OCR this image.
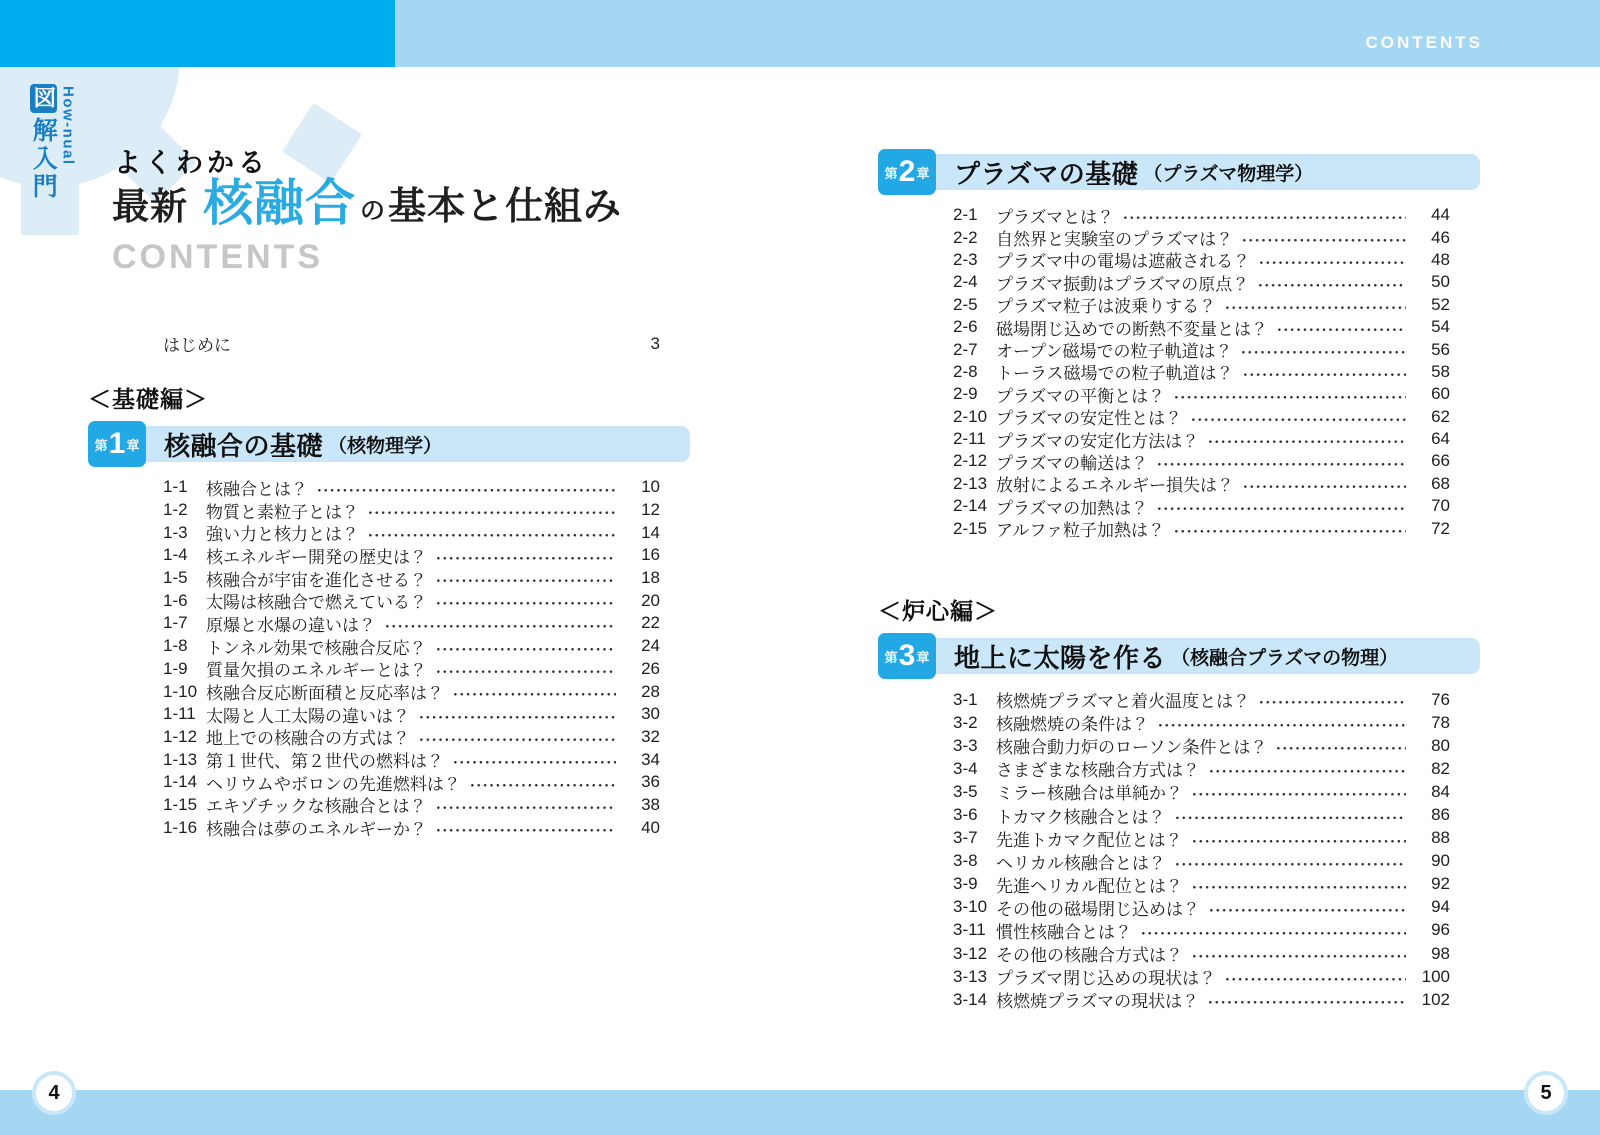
CONTENTS
図解入門 How-nual よくわかる
最新 核融合 の 基本と仕組み
CONTENTS
はじめに	3
＜基礎編＞
第 1 章 核融合の基礎 （核物理学）
1-1	核融合とは？	10
1-2	物質と素粒子とは？	12
1-3	強い力と核力とは？	14
1-4	核エネルギー開発の歴史は？	16
1-5	核融合が宇宙を進化させる？	18
1-6	太陽は核融合で燃えている？	20
1-7	原爆と水爆の違いは？	22
1-8	トンネル効果で核融合反応？	24
1-9	質量欠損のエネルギーとは？	26
1-10 核融合反応断面積と反応率は？	28
1-11 太陽と人工太陽の違いは？	30
1-12 地上での核融合の方式は？	32
1-13 第１世代、第２世代の燃料は？	34
1-14 ヘリウムやボロンの先進燃料は？	36
1-15 エキゾチックな核融合とは？	38
1-16 核融合は夢のエネルギーか？	40
第 2 章 プラズマの基礎 （プラズマ物理学）
2-1	プラズマとは？	44
2-2	自然界と実験室のプラズマは？	46
2-3	プラズマ中の電場は遮蔽される？	48
2-4	プラズマ振動はプラズマの原点？	50
2-5	プラズマ粒子は波乗りする？	52
2-6	磁場閉じ込めでの断熱不変量とは？	54
2-7	オープン磁場での粒子軌道は？	56
2-8	トーラス磁場での粒子軌道は？	58
2-9	プラズマの平衡とは？	60
2-10 プラズマの安定性とは？	62
2-11 プラズマの安定化方法は？	64
2-12 プラズマの輸送は？	66
2-13 放射によるエネルギー損失は？	68
2-14 プラズマの加熱は？	70
2-15 アルファ粒子加熱は？	72
＜炉心編＞
第 3 章 地上に太陽を作る （核融合プラズマの物理）
3-1	核燃焼プラズマと着火温度とは？	76
3-2	核融燃焼の条件は？	78
3-3	核融合動力炉のローソン条件とは？	80
3-4	さまざまな核融合方式は？	82
3-5	ミラー核融合は単純か？	84
3-6	トカマク核融合とは？	86
3-7	先進トカマク配位とは？	88
3-8	ヘリカル核融合とは？	90
3-9	先進ヘリカル配位とは？	92
3-10 その他の磁場閉じ込めは？	94
3-11 慣性核融合とは？	96
3-12 その他の核融合方式は？	98
3-13 プラズマ閉じ込めの現状は？	100
3-14 核燃焼プラズマの現状は？	102
4	5
